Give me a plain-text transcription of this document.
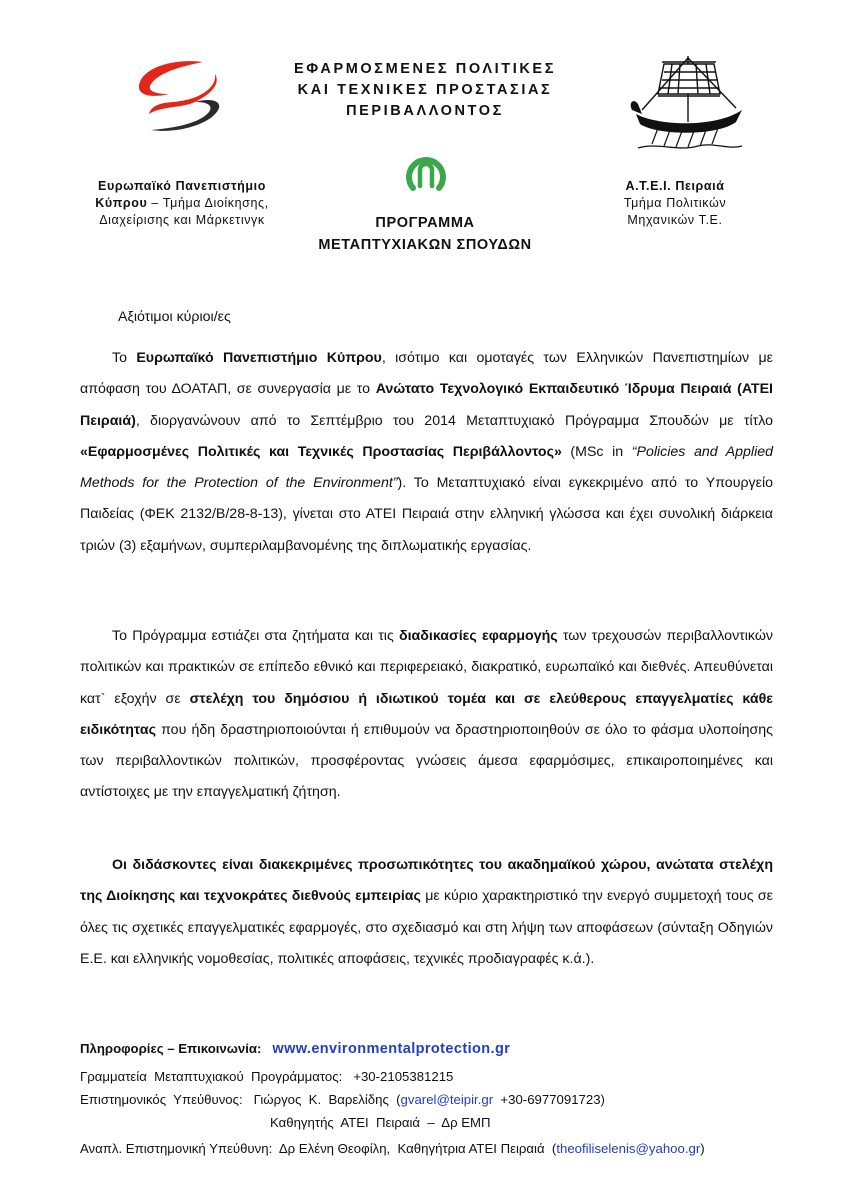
ΕΦΑΡΜΟΣΜΕΝΕΣ ΠΟΛΙΤΙΚΕΣ
ΚΑΙ ΤΕΧΝΙΚΕΣ ΠΡΟΣΤΑΣΙΑΣ
ΠΕΡΙΒΑΛΛΟΝΤΟΣ
Ευρωπαϊκό Πανεπιστήμιο
Κύπρου – Τμήμα Διοίκησης,
Διαχείρισης και Μάρκετινγκ	ΠΡΟΓΡΑΜΜΑ
ΜΕΤΑΠΤΥΧΙΑΚΩΝ ΣΠΟΥΔΩΝ
Α.Τ.Ε.Ι. Πειραιά
Τμήμα Πολιτικών
Μηχανικών Τ.Ε.
Αξιότιμοι κύριοι/ες

Το Ευρωπαϊκό Πανεπιστήμιο Κύπρου, ισότιμο και ομοταγές των Ελληνικών Πανεπιστημίων με απόφαση του ΔΟΑΤΑΠ, σε συνεργασία με το Ανώτατο Τεχνολογικό Εκπαιδευτικό Ίδρυμα Πειραιά (ΑΤΕΙ Πειραιά), διοργανώνουν από το Σεπτέμβριο του 2014 Μεταπτυχιακό Πρόγραμμα Σπουδών με τίτλο «Εφαρμοσμένες Πολιτικές και Τεχνικές Προστασίας Περιβάλλοντος» (MSc in “Policies and Applied Methods for the Protection of the Environment”). Το Μεταπτυχιακό είναι εγκεκριμένο από το Υπουργείο Παιδείας (ΦΕΚ 2132/Β/28-8-13), γίνεται στο ΑΤΕΙ Πειραιά στην ελληνική γλώσσα και έχει συνολική διάρκεια τριών (3) εξαμήνων, συμπεριλαμβανομένης της διπλωματικής εργασίας.

Το Πρόγραμμα εστιάζει στα ζητήματα και τις διαδικασίες εφαρμογής των τρεχουσών περιβαλλοντικών πολιτικών και πρακτικών σε επίπεδο εθνικό και περιφερειακό, διακρατικό, ευρωπαϊκό και διεθνές. Απευθύνεται κατ` εξοχήν σε στελέχη του δημόσιου ή ιδιωτικού τομέα και σε ελεύθερους επαγγελματίες κάθε ειδικότητας που ήδη δραστηριοποιούνται ή επιθυμούν να δραστηριοποιηθούν σε όλο το φάσμα υλοποίησης των περιβαλλοντικών πολιτικών, προσφέροντας γνώσεις άμεσα εφαρμόσιμες, επικαιροποιημένες και αντίστοιχες με την επαγγελματική ζήτηση.

Οι διδάσκοντες είναι διακεκριμένες προσωπικότητες του ακαδημαϊκού χώρου, ανώτατα στελέχη της Διοίκησης και τεχνοκράτες διεθνούς εμπειρίας με κύριο χαρακτηριστικό την ενεργό συμμετοχή τους σε όλες τις σχετικές επαγγελματικές εφαρμογές, στο σχεδιασμό και στη λήψη των αποφάσεων (σύνταξη Οδηγιών Ε.Ε. και ελληνικής νομοθεσίας, πολιτικές αποφάσεις, τεχνικές προδιαγραφές κ.ά.).

Πληροφορίες – Επικοινωνία: www.environmentalprotection.gr
Γραμματεία  Μεταπτυχιακού  Προγράμματος:   +30-2105381215
Επιστημονικός  Υπεύθυνος:   Γιώργος  Κ.  Βαρελίδης  (gvarel@teipir.gr  +30-6977091723)
Καθηγητής  ΑΤΕΙ  Πειραιά  –  Δρ ΕΜΠ
Αναπλ. Επιστημονική Υπεύθυνη:  Δρ Ελένη Θεοφίλη,  Καθηγήτρια ΑΤΕΙ Πειραιά  (theofiliselenis@yahoo.gr)
